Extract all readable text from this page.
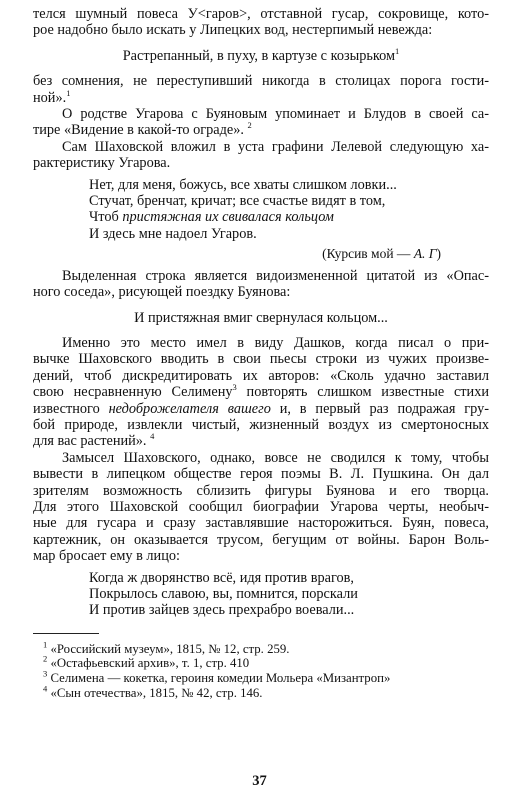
телся шумный повеса У<гаров>, отставной гусар, сокровище, кото-
рое надобно было искать у Липецких вод, нестерпимый невежда:
Растрепанный, в пуху, в картузе с козырьком$^1$
без сомнения, не переступивший никогда в столицах порога гости-
ной».$^1$
О родстве Угарова с Буяновым упоминает и Блудов в своей са-
тире «Видение в какой-то ограде». $^2$
Сам Шаховской вложил в уста графини Лелевой следующую ха-
рактеристику Угарова.
Нет, для меня, божусь, все хваты слишком ловки...
Стучат, бренчат, кричат; все счастье видят в том,
Чтоб пристяжная их свивалася кольцом
И здесь мне надоел Угаров.
(Курсив мой — А. Г)
Выделенная строка является видоизмененной цитатой из «Опас-
ного соседа», рисующей поездку Буянова:
И пристяжная вмиг свернулася кольцом...
Именно это место имел в виду Дашков, когда писал о при-
вычке Шаховского вводить в свои пьесы строки из чужих произве-
дений, чтоб дискредитировать их авторов: «Сколь удачно заставил
свою несравненную Селимену$^3$ повторять слишком известные стихи
известного недоброжелателя вашего и, в первый раз подражая гру-
бой природе, извлекли чистый, жизненный воздух из смертоносных
для вас растений». $^4$
Замысел Шаховского, однако, вовсе не сводился к тому, чтобы
вывести в липецком обществе героя поэмы В. Л. Пушкина. Он дал
зрителям возможность сблизить фигуры Буянова и его творца.
Для этого Шаховской сообщил биографии Угарова черты, необыч-
ные для гусара и сразу заставлявшие насторожиться. Буян, повеса,
картежник, он оказывается трусом, бегущим от войны. Барон Воль-
мар бросает ему в лицо:
Когда ж дворянство всё, идя против врагов,
Покрылось славою, вы, помнится, порскали
И против зайцев здесь прехрабро воевали...
$^1$ «Российский музеум», 1815, № 12, стр. 259.
$^2$ «Остафьевский архив», т. 1, стр. 410
$^3$ Селимена — кокетка, героиня комедии Мольера «Мизантроп»
$^4$ «Сын отечества», 1815, № 42, стр. 146.
37
